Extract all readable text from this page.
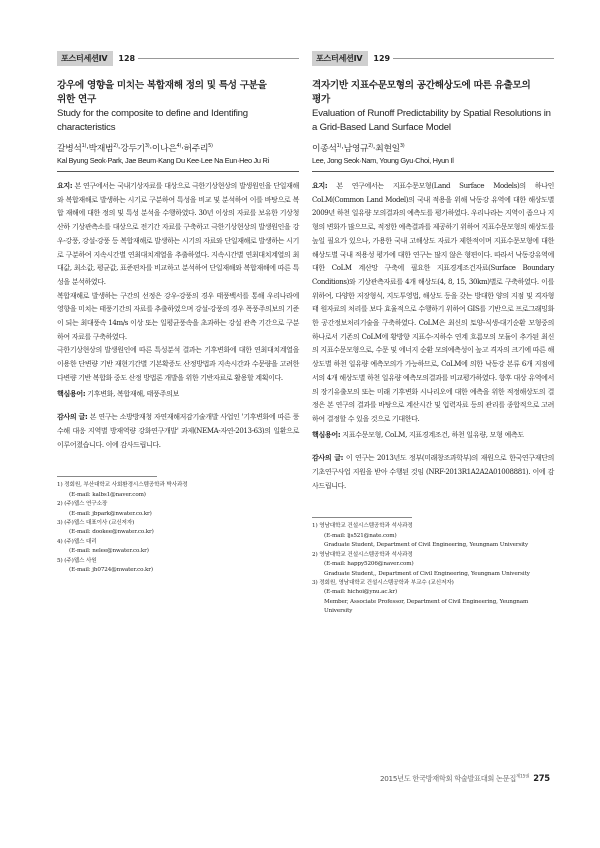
포스터세션IV	128
강우에 영향을 미치는 복합재해 정의 및 특성 구분을
위한 연구
Study for the composite to define and Identifing
characteristics
갈병석$^{1)}$·박재범$^{2)}$·강두기$^{3)}$·이나은$^{4)}$·허주리$^{5)}$
Kal Byung Seok·Park, Jae Beum·Kang Du Kee·Lee Na Eun·Heo Ju Ri

요지: 본 연구에서는 국내기상자료를 대상으로 극한기상현상의 발생원인을 단일재해와 복합재해로 발생하는 시기로 구분하여 특성을 비교 및 분석하여 이를 바탕으로 복합 재해에 대한 정의 및 특성 분석을 수행하였다. 30년 이상의 자료를 보유한 기상청 산하 기상관측소를 대상으로 전기간 자료를 구축하고 극한기상현상의 발생원인을 강우-강풍, 강설-강풍 등 복합재해로 발생하는 시기의 자료와 단일재해로 발생하는 시기로 구분하여 지속시간별 연최대치계열을 추출하였다. 지속시간별 연최대치계열의 최대값, 최소값, 평균값, 표준편차를 비교하고 분석하여 단일재해와 복합재해에 따른 특성을 분석하였다.

복합재해로 발생하는 구간의 선정은 강우-강풍의 경우 태풍백서를 통해 우리나라에 영향을 미치는 태풍기간의 자료를 추출하였으며 강설-강풍의 경우 폭풍주의보의 기준이 되는 최대풍속 14m/s 이상 또는 일평균풍속을 초과하는 강설 관측 기간으로 구분하여 자료를 구축하였다.

극한기상현상의 발생원인에 따른 특성분석 결과는 기후변화에 대한 연최대치계열을 이용한 단변량 기반 재현기간별 기본확증도 산정방법과 지속시간과 수문량을 고려한 다변량 기반 복합화 중도 산정 방법론 개발을 위한 기반자료로 활용할 계획이다.

핵심용어: 기후변화, 복합재해, 태풍주의보
감사의 글: 본 연구는 소방방재청 자연재해저감기술개발 사업인 '기후변화에 따른 풍수해 대응 지역별 방재역량 강화연구개발' 과제(NEMA-자연-2013-63)의 일환으로 이루어졌습니다. 이에 감사드립니다.
1) 정회원, 부산대학교 사회환경시스템공학과 박사과정
(E-mail: kalbs1@naver.com)
2) (주)웹스 연구소장
(E-mail: jbpark@nwater.co.kr)
3) (주)웹스 대표이사 (교신저자)
(E-mail: dookee@nwater.co.kr)
4) (주)웹스 대리
(E-mail: nelee@nwater.co.kr)
5) (주)웹스 사원
(E-mail: jh0724@nwater.co.kr)
포스터세션IV	129
격자기반 지표수문모형의 공간해상도에 따른 유출모의
평가
Evaluation of Runoff Predictability by Spatial Resolutions in
a Grid-Based Land Surface Model
이종석$^{1)}$·남영규$^{2)}$·최현일$^{3)}$
Lee, Jong Seok·Nam, Young Gyu·Choi, Hyun Il

요지: 본 연구에서는 지표수문모형(Land Surface Models)의 하나인 CoLM(Common Land Model)의 국내 적용을 위해 낙동강 유역에 대한 해상도별 2009년 하천 일유량 모의결과의 예측도를 평가하였다. 우리나라는 지역이 좁으나 지형의 변화가 많으므로, 적정한 예측결과를 제공하기 위하여 지표수문모형의 해상도를 높일 필요가 있으나, 가용한 국내 고해상도 자료가 제한적이며 지표수문모형에 대한 해상도별 국내 적용성 평가에 대한 연구는 많지 않은 형편이다. 따라서 낙동강유역에 대한 CoLM 계산망 구축에 필요한 지표경계조건자료(Surface Boundary Conditions)와 기상관측자료를 4개 해상도(4, 8, 15, 30km)별로 구축하였다. 이를 위하여, 다양한 저장형식, 지도투영법, 해상도 등을 갖는 방대한 양의 지점 및 격자형태 원자료의 처리를 보다 효율적으로 수행하기 위하여 GIS를 기반으로 프로그래밍화한 공간정보처리기술을 구축하였다. CoLM은 최신의 토양-식생-대기순환 모형중의 하나로서 기존의 CoLM에 황방향 지표수-지하수 연계 흐름모의 모듈이 추가된 최신의 지표수문모형으로, 수문 및 에너지 순환 모의예측성이 높고 격자의 크기에 따른 해상도별 하천 일유량 예측모의가 가능하므로, CoLM에 의한 낙동강 본류 6개 지점에서의 4개 해상도별 하천 일유량 예측모의결과를 비교평가하였다. 향후 대상 유역에서의 장기유출모의 또는 미래 기후변화 시나리오에 대한 예측을 위한 적정해상도의 결정은 본 연구의 결과를 바탕으로 계산시간 및 입력자료 등의 관리를 종합적으로 고려하여 결정할 수 있을 것으로 기대한다.

핵심용어: 지표수문모형, CoLM, 지표경계조건, 하천 일유량, 모형 예측도
감사의 글: 이 연구는 2013년도 정부(미래창조과학부)의 재원으로 한국연구재단의 기초연구사업 지원을 받아 수행된 것임 (NRF-2013R1A2A2A01008881). 이에 감사드립니다.
1) 영남대학교 건설시스템공학과 석사과정
(E-mail: ljs521@nate.com)
Graduate Student, Department of Civil Engineering, Yeungnam University
2) 영남대학교 건설시스템공학과 석사과정
(E-mail: happy5206@naver.com)
Graduate Student,, Department of Civil Engineering, Yeungnam University
3) 정회원, 영남대학교 건설시스템공학과 부교수 (교신저자)
(E-mail: hichoi@ynu.ac.kr)
Member, Associate Professor, Department of Civil Engineering, Yeungnam University
2015년도 한국방재학회 학술발표대회 논문집$^{제15권}$ 275
